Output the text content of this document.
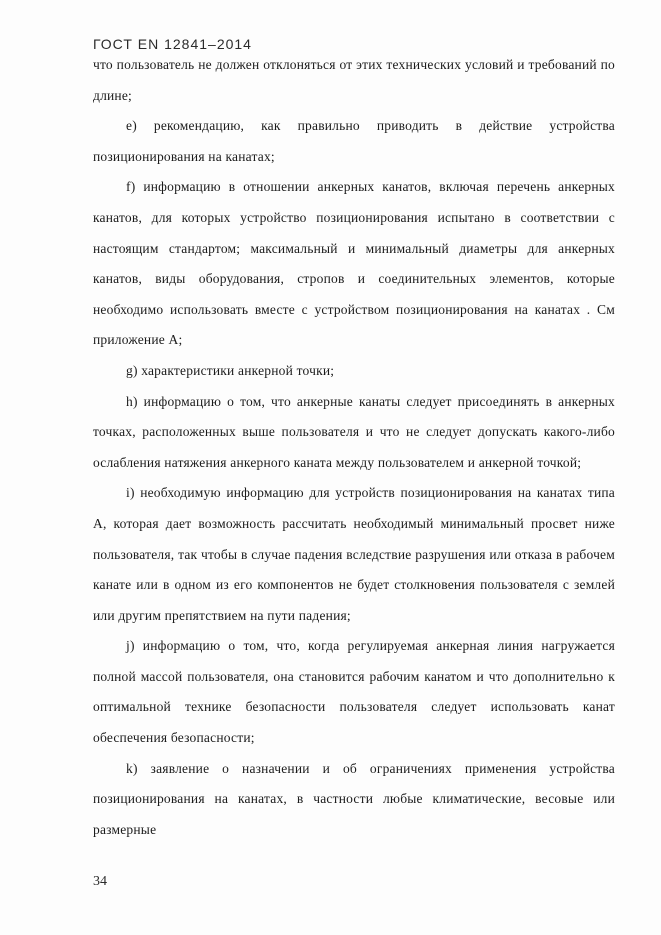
ГОСТ EN 12841–2014

что пользователь не должен отклоняться от этих технических условий и требований по длине;

e) рекомендацию, как правильно приводить в действие устройства позиционирования на канатах;

f) информацию в отношении анкерных канатов, включая перечень анкерных канатов, для которых устройство позиционирования испытано в соответствии с настоящим стандартом; максимальный и минимальный диаметры для анкерных канатов, виды оборудования, стропов и соединительных элементов, которые необходимо использовать вместе с устройством позиционирования на канатах . См приложение А;

g) характеристики анкерной точки;

h) информацию о том, что анкерные канаты следует присоединять в анкерных точках, расположенных выше пользователя и что не следует допускать какого-либо ослабления натяжения анкерного каната между пользователем и анкерной точкой;

i) необходимую информацию для устройств позиционирования на канатах типа А, которая дает возможность рассчитать необходимый минимальный просвет ниже пользователя, так чтобы в случае падения вследствие разрушения или отказа в рабочем канате или в одном из его компонентов не будет столкновения пользователя с землей или другим препятствием на пути падения;

j) информацию о том, что, когда регулируемая анкерная линия нагружается полной массой пользователя, она становится рабочим канатом и что дополнительно к оптимальной технике безопасности пользователя следует использовать канат обеспечения безопасности;

k) заявление о назначении и об ограничениях применения устройства позиционирования на канатах, в частности любые климатические, весовые или размерные

34
